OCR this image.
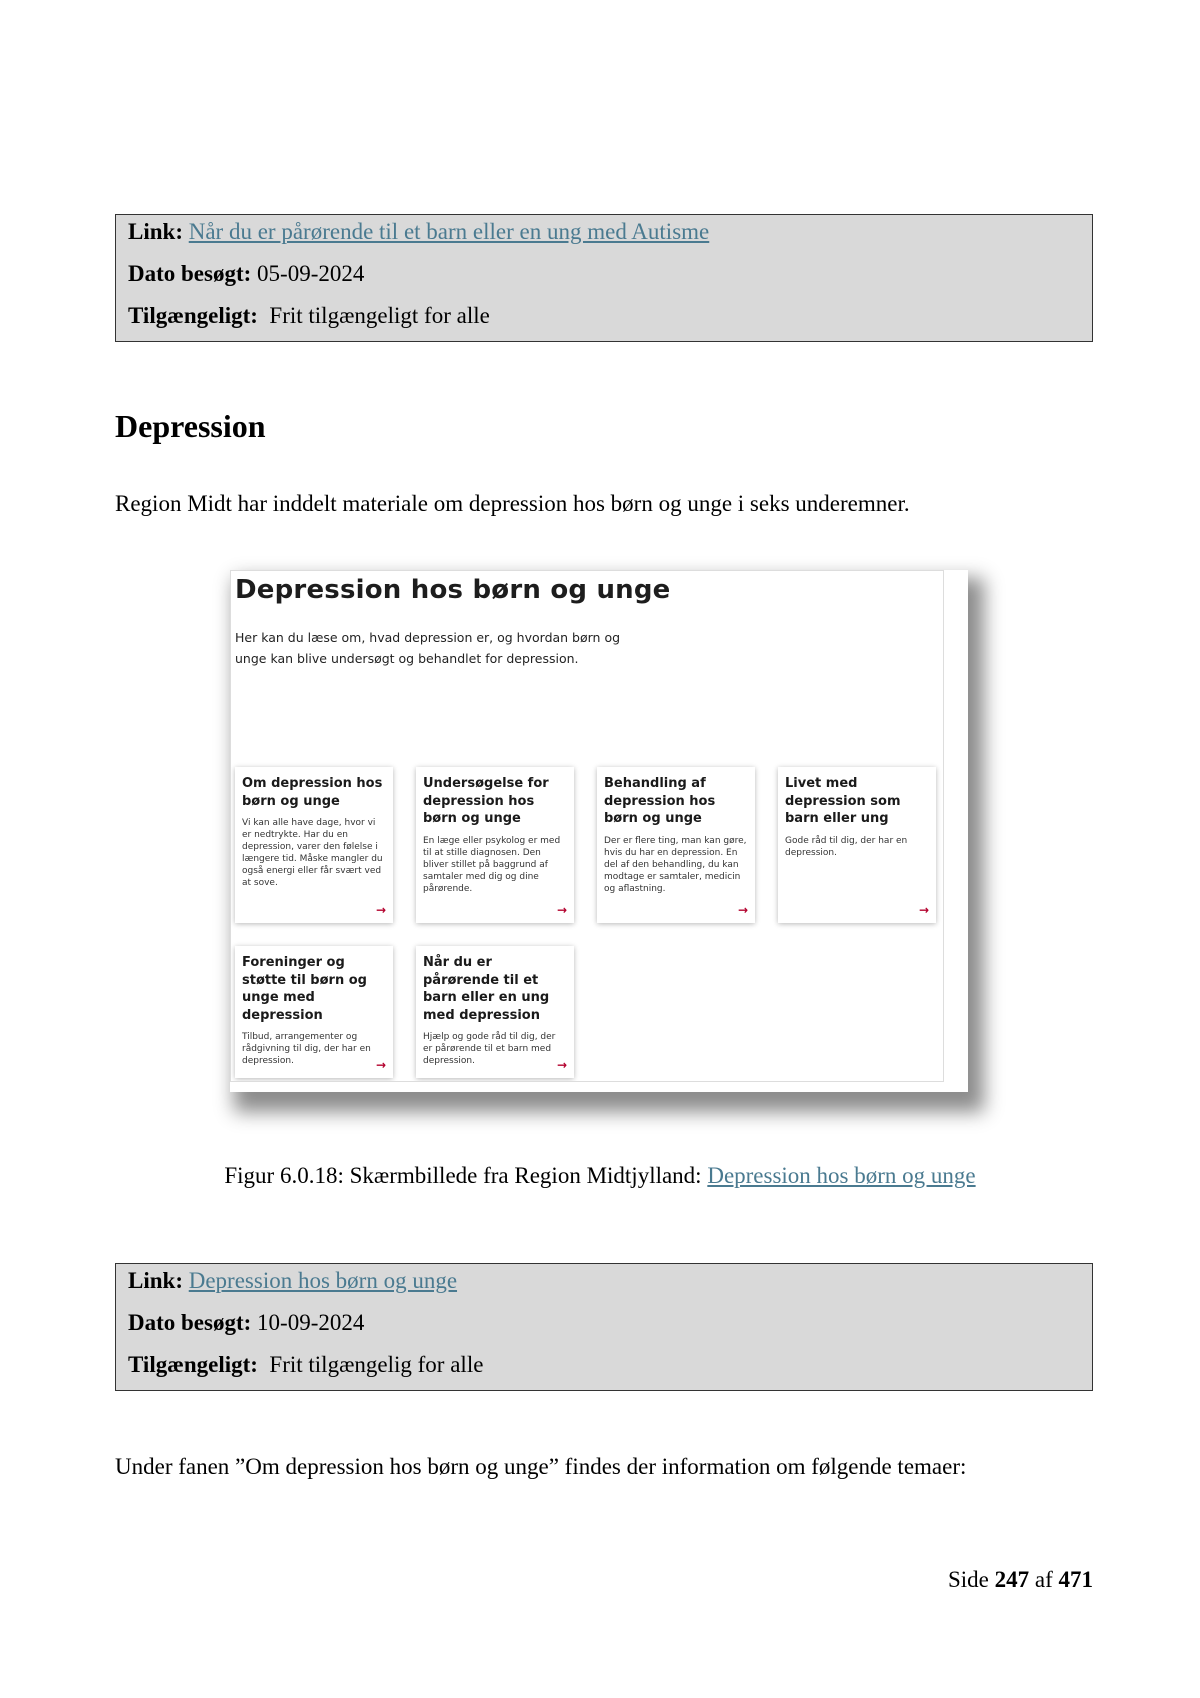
Link: Når du er pårørende til et barn eller en ung med Autisme
Dato besøgt: 05-09-2024
Tilgængeligt: Frit tilgængeligt for alle
Depression
Region Midt har inddelt materiale om depression hos børn og unge i seks underemner.
Depression hos børn og unge
Her kan du læse om, hvad depression er, og hvordan børn og unge kan blive undersøgt og behandlet for depression.
Om depression hos børn og unge
Vi kan alle have dage, hvor vi er nedtrykte. Har du en depression, varer den følelse i længere tid. Måske mangler du også energi eller får svært ved at sove.
→
Undersøgelse for depression hos børn og unge
En læge eller psykolog er med til at stille diagnosen. Den bliver stillet på baggrund af samtaler med dig og dine pårørende.
→
Behandling af depression hos børn og unge
Der er flere ting, man kan gøre, hvis du har en depression. En del af den behandling, du kan modtage er samtaler, medicin og aflastning.
→
Livet med depression som barn eller ung
Gode råd til dig, der har en depression.
→
Foreninger og støtte til børn og unge med depression
Tilbud, arrangementer og rådgivning til dig, der har en depression.	→
Når du er pårørende til et barn eller en ung med depression
Hjælp og gode råd til dig, der er pårørende til et barn med depression.	→
Figur 6.0.18: Skærmbillede fra Region Midtjylland: Depression hos børn og unge
Link: Depression hos børn og unge
Dato besøgt: 10-09-2024
Tilgængeligt: Frit tilgængelig for alle
Under fanen ”Om depression hos børn og unge” findes der information om følgende temaer:
Side 247 af 471
